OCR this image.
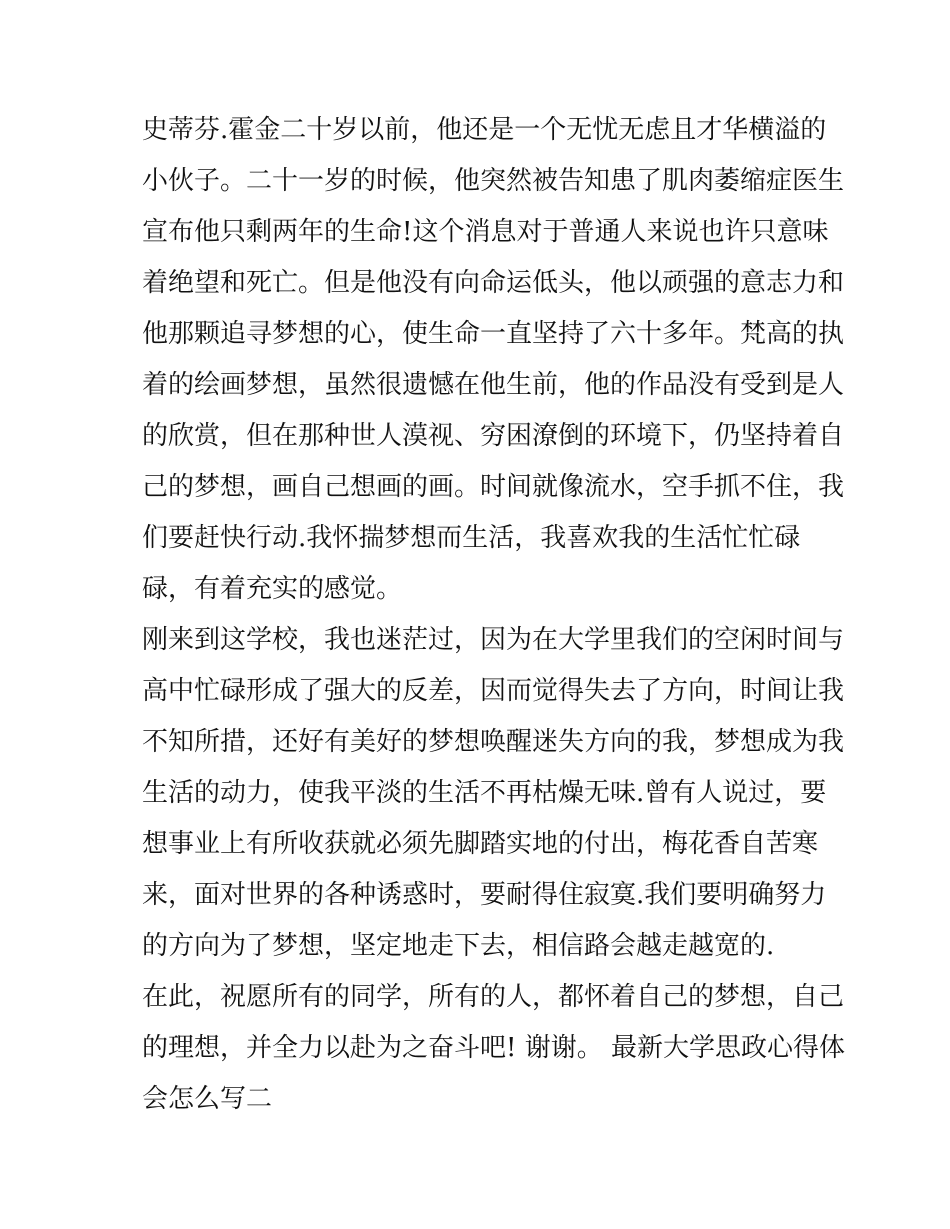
史蒂芬.霍金二十岁以前，他还是一个无忧无虑且才华横溢的
小伙子。二十一岁的时候，他突然被告知患了肌肉萎缩症医生
宣布他只剩两年的生命!这个消息对于普通人来说也许只意味
着绝望和死亡。但是他没有向命运低头，他以顽强的意志力和
他那颗追寻梦想的心，使生命一直坚持了六十多年。梵高的执
着的绘画梦想，虽然很遗憾在他生前，他的作品没有受到是人
的欣赏，但在那种世人漠视、穷困潦倒的环境下，仍坚持着自
己的梦想，画自己想画的画。时间就像流水，空手抓不住，我
们要赶快行动.我怀揣梦想而生活，我喜欢我的生活忙忙碌
碌，有着充实的感觉。
刚来到这学校，我也迷茫过，因为在大学里我们的空闲时间与
高中忙碌形成了强大的反差，因而觉得失去了方向，时间让我
不知所措，还好有美好的梦想唤醒迷失方向的我，梦想成为我
生活的动力，使我平淡的生活不再枯燥无味.曾有人说过，要
想事业上有所收获就必须先脚踏实地的付出，梅花香自苦寒
来，面对世界的各种诱惑时，要耐得住寂寞.我们要明确努力
的方向为了梦想，坚定地走下去，相信路会越走越宽的.
在此，祝愿所有的同学，所有的人，都怀着自己的梦想，自己
的理想，并全力以赴为之奋斗吧! 谢谢。 最新大学思政心得体
会怎么写二
